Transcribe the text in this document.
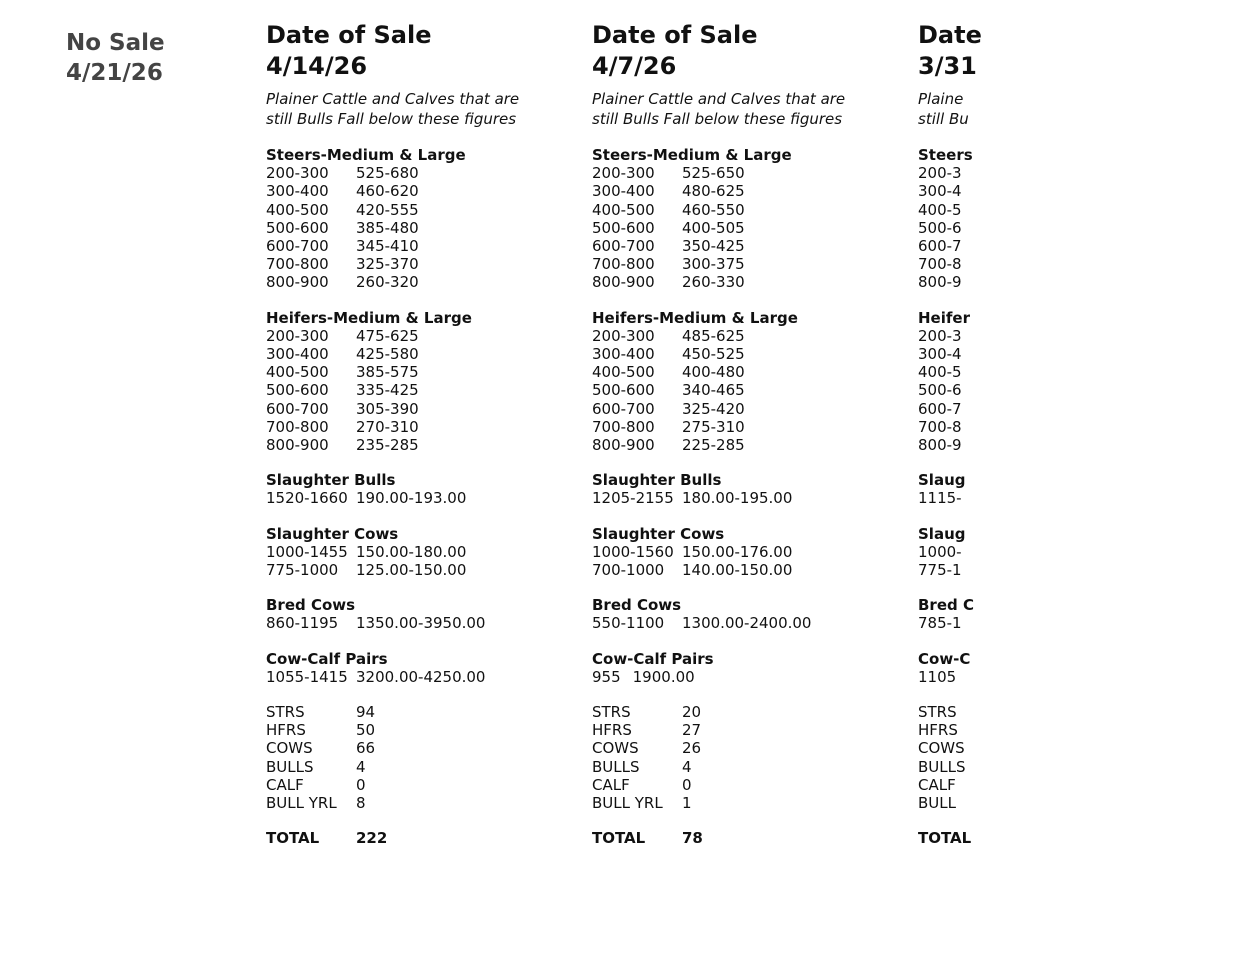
No Sale
4/21/26
Date of Sale
4/14/26
Plainer Cattle and Calves that are
still Bulls Fall below these figures
Steers-Medium & Large
200-300	525-680
300-400	460-620
400-500	420-555
500-600	385-480
600-700	345-410
700-800	325-370
800-900	260-320
Heifers-Medium & Large
200-300	475-625
300-400	425-580
400-500	385-575
500-600	335-425
600-700	305-390
700-800	270-310
800-900	235-285
Slaughter Bulls
1520-1660 190.00-193.00
Slaughter Cows
1000-1455 150.00-180.00
775-1000	125.00-150.00
Bred Cows
860-1195	1350.00-3950.00
Cow-Calf Pairs
1055-1415 3200.00-4250.00
STRS	94
HFRS	50
COWS	66
BULLS	4
CALF	0
BULL YRL	8
TOTAL	222
Date of Sale
4/7/26
Plainer Cattle and Calves that are
still Bulls Fall below these figures
Steers-Medium & Large
200-300	525-650
300-400	480-625
400-500	460-550
500-600	400-505
600-700	350-425
700-800	300-375
800-900	260-330
Heifers-Medium & Large
200-300	485-625
300-400	450-525
400-500	400-480
500-600	340-465
600-700	325-420
700-800	275-310
800-900	225-285
Slaughter Bulls
1205-2155 180.00-195.00
Slaughter Cows
1000-1560 150.00-176.00
700-1000	140.00-150.00
Bred Cows
550-1100	1300.00-2400.00
Cow-Calf Pairs
955 1900.00
STRS	20
HFRS	27
COWS	26
BULLS	4
CALF	0
BULL YRL	1
TOTAL	78
Date
3/31
Plaine
still Bu
Steers
200-3
300-4
400-5
500-6
600-7
700-8
800-9
Heifer
200-3
300-4
400-5
500-6
600-7
700-8
800-9
Slaug
1115-
Slaug
1000-
775-1
Bred C
785-1
Cow-C
1105
STRS
HFRS
COWS
BULLS
CALF
BULL
TOTAL
